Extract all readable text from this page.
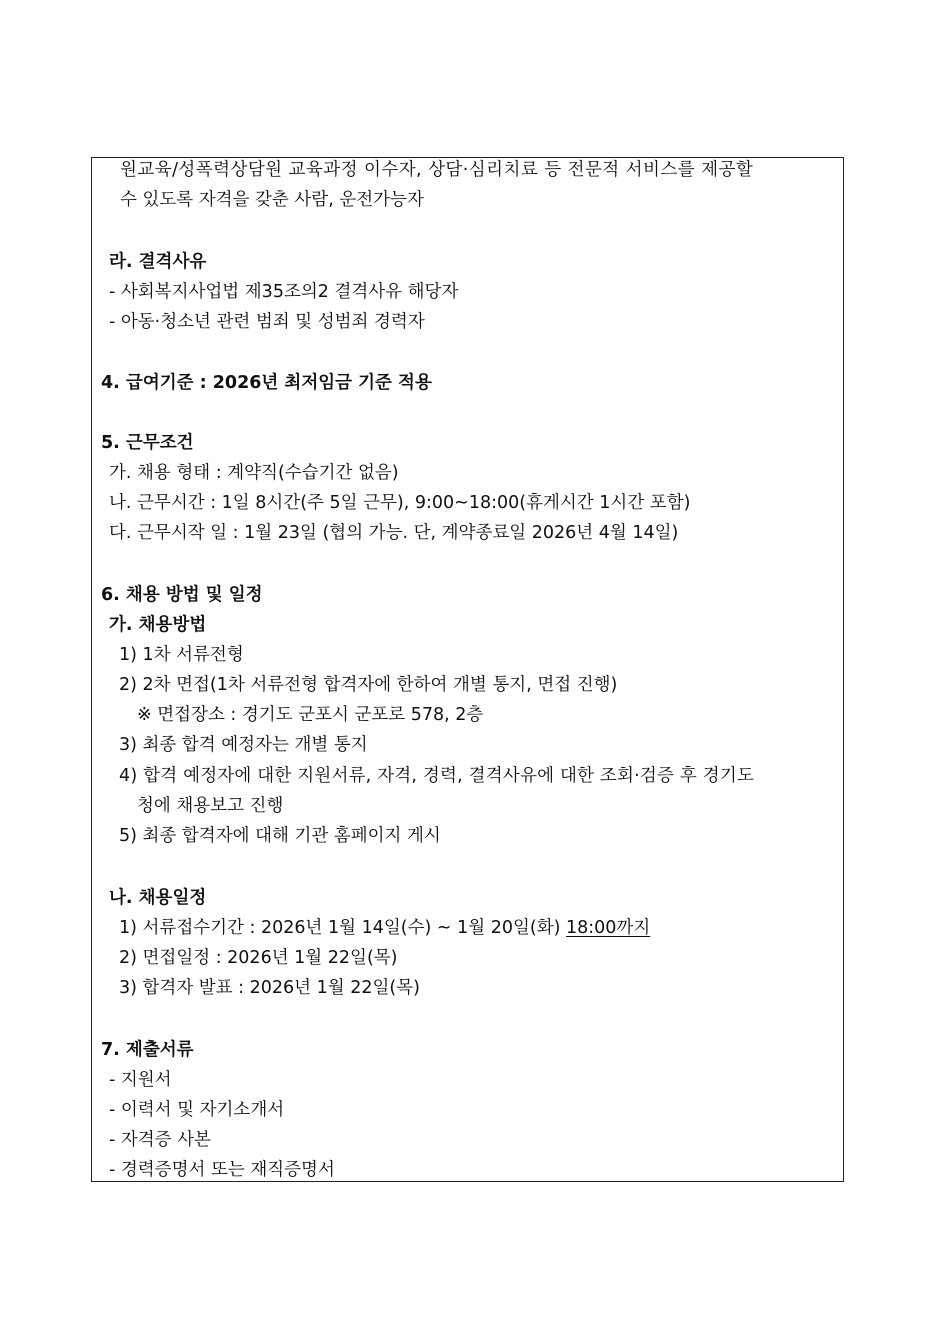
원교육/성폭력상담원 교육과정 이수자, 상담·심리치료 등 전문적 서비스를 제공할
수 있도록 자격을 갖춘 사람, 운전가능자
라. 결격사유
- 사회복지사업법 제35조의2 결격사유 해당자
- 아동·청소년 관련 범죄 및 성범죄 경력자
4. 급여기준 : 2026년 최저임금 기준 적용
5. 근무조건
가. 채용 형태 : 계약직(수습기간 없음)
나. 근무시간 : 1일 8시간(주 5일 근무), 9:00~18:00(휴게시간 1시간 포함)
다. 근무시작 일 : 1월 23일 (협의 가능. 단, 계약종료일 2026년 4월 14일)
6. 채용 방법 및 일정
가. 채용방법
1) 1차 서류전형
2) 2차 면접(1차 서류전형 합격자에 한하여 개별 통지, 면접 진행)
※ 면접장소 : 경기도 군포시 군포로 578, 2층
3) 최종 합격 예정자는 개별 통지
4) 합격 예정자에 대한 지원서류, 자격, 경력, 결격사유에 대한 조회·검증 후 경기도
청에 채용보고 진행
5) 최종 합격자에 대해 기관 홈페이지 게시
나. 채용일정
1) 서류접수기간 : 2026년 1월 14일(수) ~ 1월 20일(화) 18:00까지
2) 면접일정 : 2026년 1월 22일(목)
3) 합격자 발표 : 2026년 1월 22일(목)
7. 제출서류
- 지원서
- 이력서 및 자기소개서
- 자격증 사본
- 경력증명서 또는 재직증명서
